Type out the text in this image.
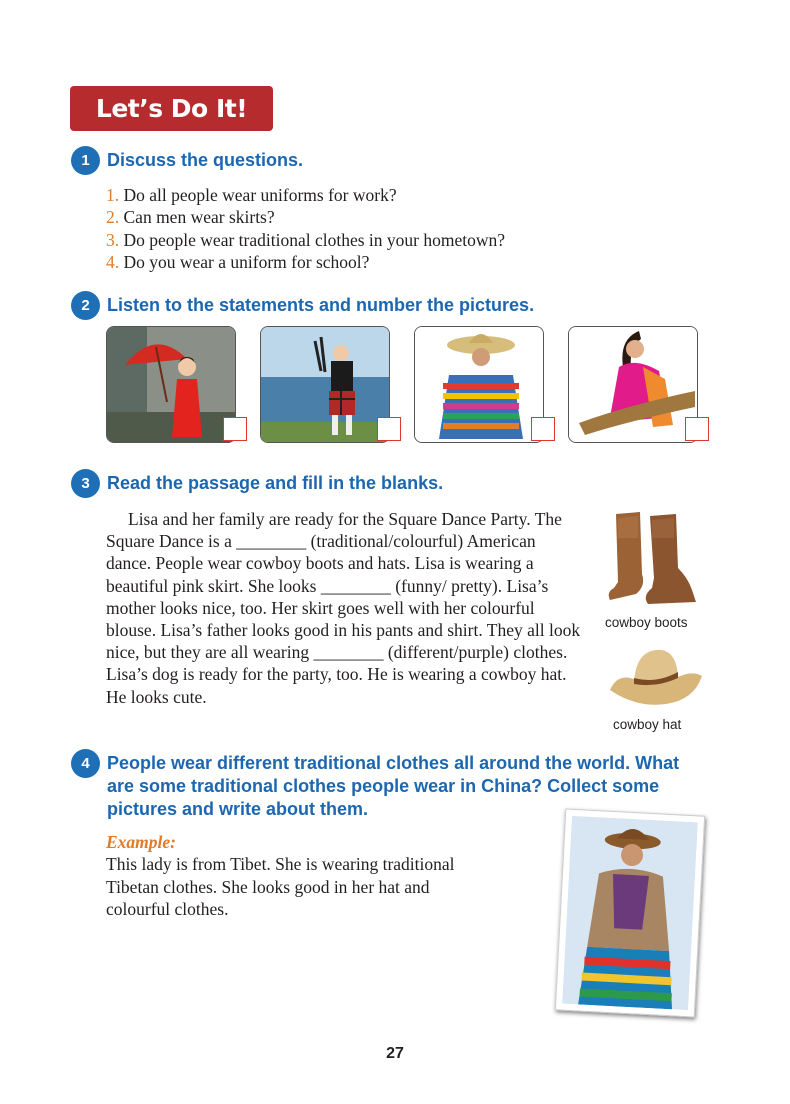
Let’s Do It!
1 Discuss the questions.
1. Do all people wear uniforms for work?
2. Can men wear skirts?
3. Do people wear traditional clothes in your hometown?
4. Do you wear a uniform for school?
2 Listen to the statements and number the pictures.
3 Read the passage and fill in the blanks.

Lisa and her family are ready for the Square Dance Party. The Square Dance is a ________ (traditional/colourful) American dance. People wear cowboy boots and hats. Lisa is wearing a beautiful pink skirt. She looks ________ (funny/ pretty). Lisa’s mother looks nice, too. Her skirt goes well with her colourful blouse. Lisa’s father looks good in his pants and shirt. They all look nice, but they are all wearing ________ (different/purple) clothes. Lisa’s dog is ready for the party, too. He is wearing a cowboy hat. He looks cute.

cowboy boots
cowboy hat
4 People wear different traditional clothes all around the world. What
are some traditional clothes people wear in China? Collect some
pictures and write about them.
Example:
This lady is from Tibet. She is wearing traditional
Tibetan clothes. She looks good in her hat and
colourful clothes.
27
